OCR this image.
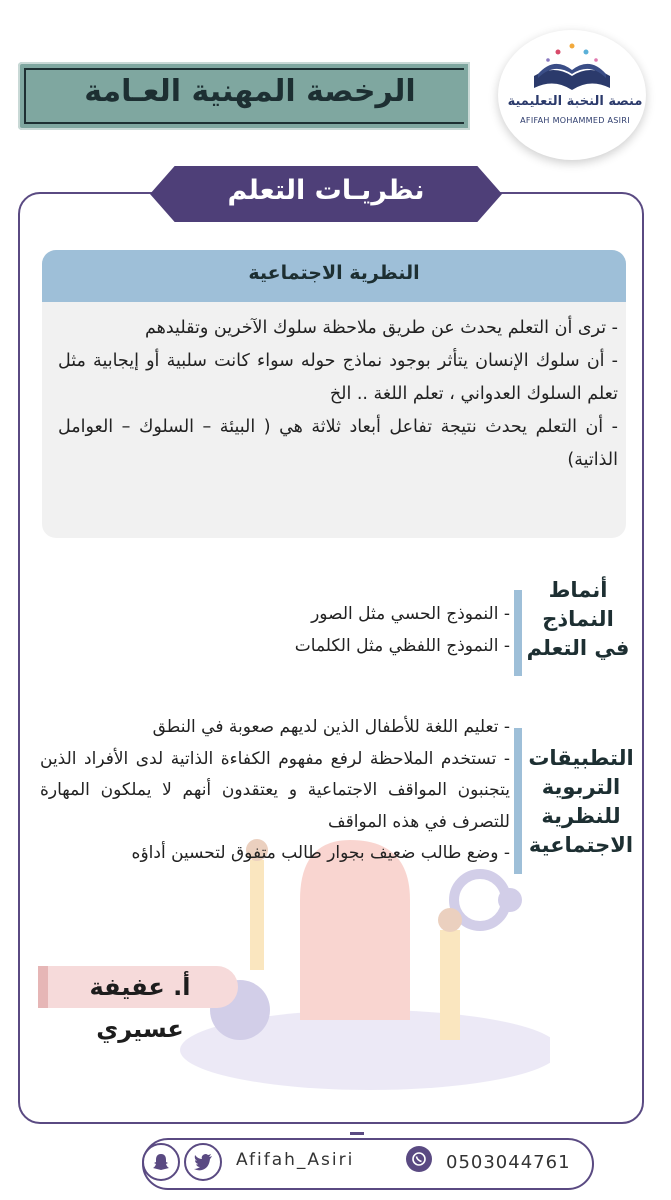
الرخصة المهنية العـامة	منصة النخبة التعليمية
AFIFAH MOHAMMED ASIRI
نظريـات التعلم
النظرية الاجتماعية

- ترى أن التعلم يحدث عن طريق ملاحظة سلوك الآخرين وتقليدهم

- أن سلوك الإنسان يتأثر بوجود نماذج حوله سواء كانت سلبية أو إيجابية مثل تعلم السلوك العدواني ، تعلم اللغة .. الخ

- أن التعلم يحدث نتيجة تفاعل أبعاد ثلاثة هي ( البيئة – السلوك – العوامل الذاتية)

أنماط النماذج في التعلم

- النموذج الحسي مثل الصور

- النموذج اللفظي مثل الكلمات

التطبيقات التربوية للنظرية الاجتماعية

- تعليم اللغة للأطفال الذين لديهم صعوبة في النطق

- تستخدم الملاحظة لرفع مفهوم الكفاءة الذاتية لدى الأفراد الذين يتجنبون المواقف الاجتماعية و يعتقدون أنهم لا يملكون المهارة للتصرف في هذه المواقف

- وضع طالب ضعيف بجوار طالب متفوق لتحسين أداؤه

أ. عفيفة عسيري
Afifah_Asiri	0503044761
